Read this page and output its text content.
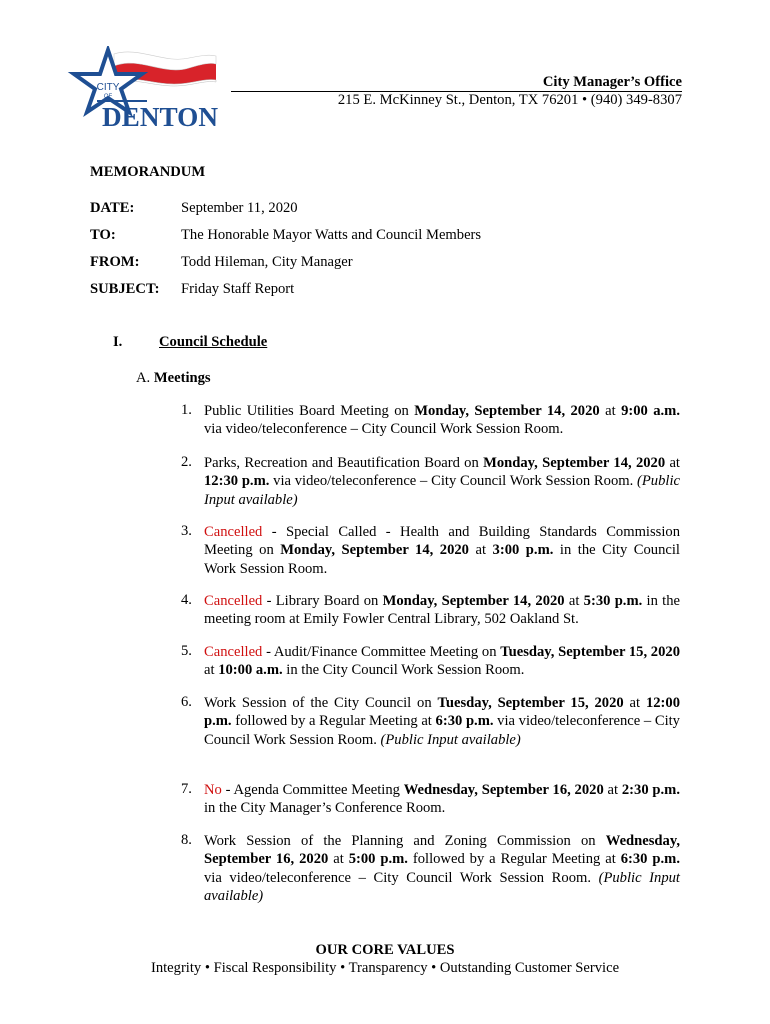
CITY
OF
DENTON
City Manager’s Office
215 E. McKinney St., Denton, TX 76201 • (940) 349-8307
MEMORANDUM
DATE:	September 11, 2020
TO:	The Honorable Mayor Watts and Council Members
FROM:	Todd Hileman, City Manager
SUBJECT: Friday Staff Report
I.	Council Schedule
A. Meetings
1. Public Utilities Board Meeting on Monday, September 14, 2020 at 9:00 a.m. via video/teleconference – City Council Work Session Room.
2. Parks, Recreation and Beautification Board on Monday, September 14, 2020 at 12:30 p.m. via video/teleconference – City Council Work Session Room. (Public Input available)
3. Cancelled - Special Called - Health and Building Standards Commission Meeting on Monday, September 14, 2020 at 3:00 p.m. in the City Council Work Session Room.
4. Cancelled - Library Board on Monday, September 14, 2020 at 5:30 p.m. in the meeting room at Emily Fowler Central Library, 502 Oakland St.
5. Cancelled - Audit/Finance Committee Meeting on Tuesday, September 15, 2020 at 10:00 a.m. in the City Council Work Session Room.
6. Work Session of the City Council on Tuesday, September 15, 2020 at 12:00 p.m. followed by a Regular Meeting at 6:30 p.m. via video/teleconference – City Council Work Session Room. (Public Input available)
7. No - Agenda Committee Meeting Wednesday, September 16, 2020 at 2:30 p.m. in the City Manager’s Conference Room.
8. Work Session of the Planning and Zoning Commission on Wednesday, September 16, 2020 at 5:00 p.m. followed by a Regular Meeting at 6:30 p.m. via video/teleconference – City Council Work Session Room. (Public Input available)
OUR CORE VALUES
Integrity • Fiscal Responsibility • Transparency • Outstanding Customer Service
